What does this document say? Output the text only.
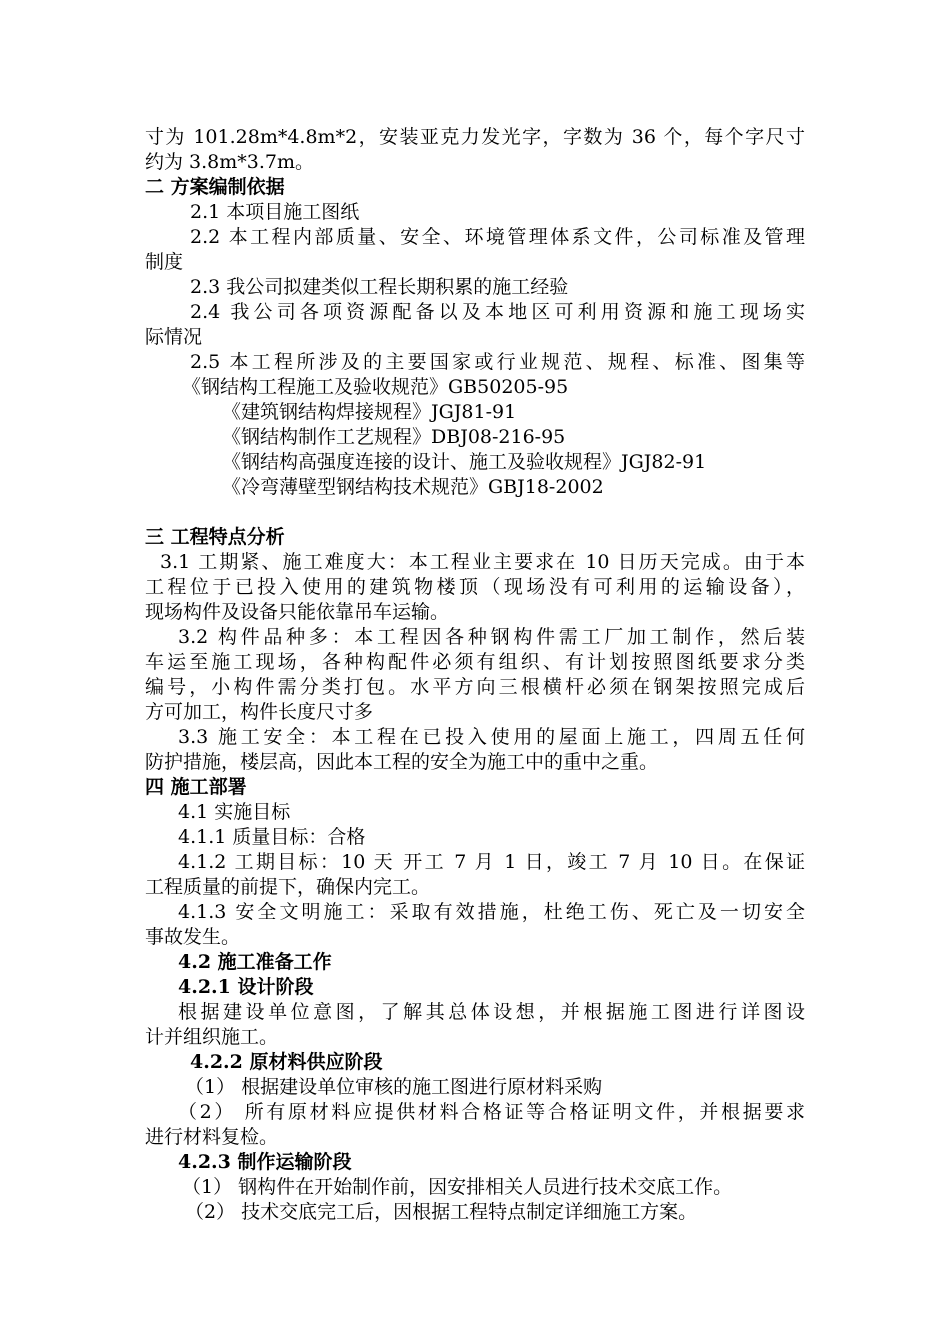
寸为 101.28m*4.8m*2，安装亚克力发光字，字数为 36 个，每个字尺寸
约为 3.8m*3.7m。
二 方案编制依据
2.1 本项目施工图纸
2.2 本工程内部质量、安全、环境管理体系文件，公司标准及管理
制度
2.3 我公司拟建类似工程长期积累的施工经验
2.4 我公司各项资源配备以及本地区可利用资源和施工现场实
际情况
2.5 本工程所涉及的主要国家或行业规范、规程、标准、图集等
《钢结构工程施工及验收规范》GB50205-95
《建筑钢结构焊接规程》JGJ81-91
《钢结构制作工艺规程》DBJ08-216-95
《钢结构高强度连接的设计、施工及验收规程》JGJ82-91
《冷弯薄壁型钢结构技术规范》GBJ18-2002
三 工程特点分析
3.1 工期紧、施工难度大：本工程业主要求在 10 日历天完成。由于本
工程位于已投入使用的建筑物楼顶（现场没有可利用的运输设备），
现场构件及设备只能依靠吊车运输。
3.2 构件品种多：本工程因各种钢构件需工厂加工制作，然后装
车运至施工现场，各种构配件必须有组织、有计划按照图纸要求分类
编号，小构件需分类打包。水平方向三根横杆必须在钢架按照完成后
方可加工，构件长度尺寸多
3.3 施工安全：本工程在已投入使用的屋面上施工，四周五任何
防护措施，楼层高，因此本工程的安全为施工中的重中之重。
四 施工部署
4.1 实施目标
4.1.1 质量目标：合格
4.1.2 工期目标：10 天 开工 7 月 1 日，竣工 7 月 10 日。在保证
工程质量的前提下，确保内完工。
4.1.3 安全文明施工：采取有效措施，杜绝工伤、死亡及一切安全
事故发生。
4.2 施工准备工作
4.2.1 设计阶段
根据建设单位意图，了解其总体设想，并根据施工图进行详图设
计并组织施工。
4.2.2 原材料供应阶段
（1） 根据建设单位审核的施工图进行原材料采购
（2） 所有原材料应提供材料合格证等合格证明文件，并根据要求
进行材料复检。
4.2.3 制作运输阶段
（1） 钢构件在开始制作前，因安排相关人员进行技术交底工作。
（2） 技术交底完工后，因根据工程特点制定详细施工方案。
